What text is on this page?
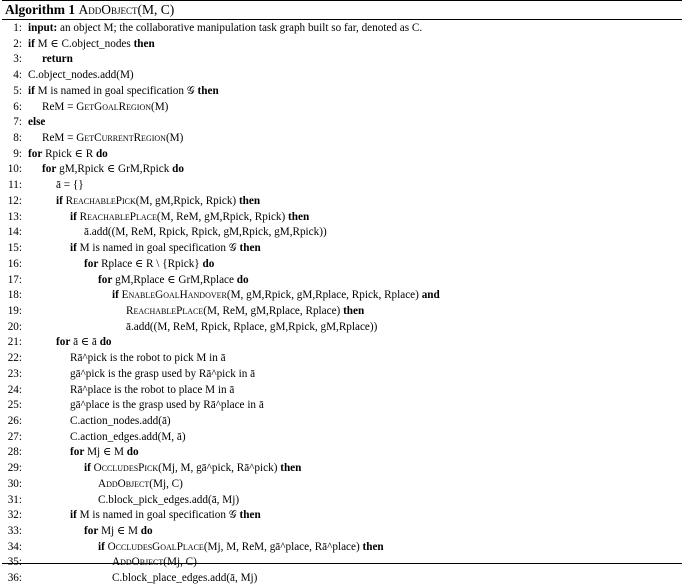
Algorithm 1 AddObject(M, C)
1: input: an object M; the collaborative manipulation task graph built so far, denoted as C.
2: if M ∈ C.object_nodes then
3: return
4: C.object_nodes.add(M)
5: if M is named in goal specification 𝒢 then
6: ReM = GetGoalRegion(M)
7: else
8: ReM = GetCurrentRegion(M)
9: for Rpick ∈ R do
10: for gM,Rpick ∈ GrM,Rpick do
11:	ā = {}
12:	if ReachablePick(M, gM,Rpick, Rpick) then
13:	if ReachablePlace(M, ReM, gM,Rpick, Rpick) then
14:	ā.add((M, ReM, Rpick, Rpick, gM,Rpick, gM,Rpick))
15:	if M is named in goal specification 𝒢 then
16:	for Rplace ∈ R \ {Rpick} do
17:	for gM,Rplace ∈ GrM,Rplace do
18:	if EnableGoalHandover(M, gM,Rpick, gM,Rplace, Rpick, Rplace) and
19:	ReachablePlace(M, ReM, gM,Rplace, Rplace) then
20:	ā.add((M, ReM, Rpick, Rplace, gM,Rpick, gM,Rplace))
21:	for ā ∈ ā do
22:	Rā^pick is the robot to pick M in ā
23:	gā^pick is the grasp used by Rā^pick in ā
24:	Rā^place is the robot to place M in ā
25:	gā^place is the grasp used by Rā^place in ā
26:	C.action_nodes.add(ā)
27:	C.action_edges.add(M, ā)
28:	for Mj ∈ M do
29:	if OccludesPick(Mj, M, gā^pick, Rā^pick) then
30:	AddObject(Mj, C)
31:	C.block_pick_edges.add(ā, Mj)
32:	if M is named in goal specification 𝒢 then
33:	for Mj ∈ M do
34:	if OccludesGoalPlace(Mj, M, ReM, gā^place, Rā^place) then
35:	AddObject(Mj, C)
36:	C.block_place_edges.add(ā, Mj)
